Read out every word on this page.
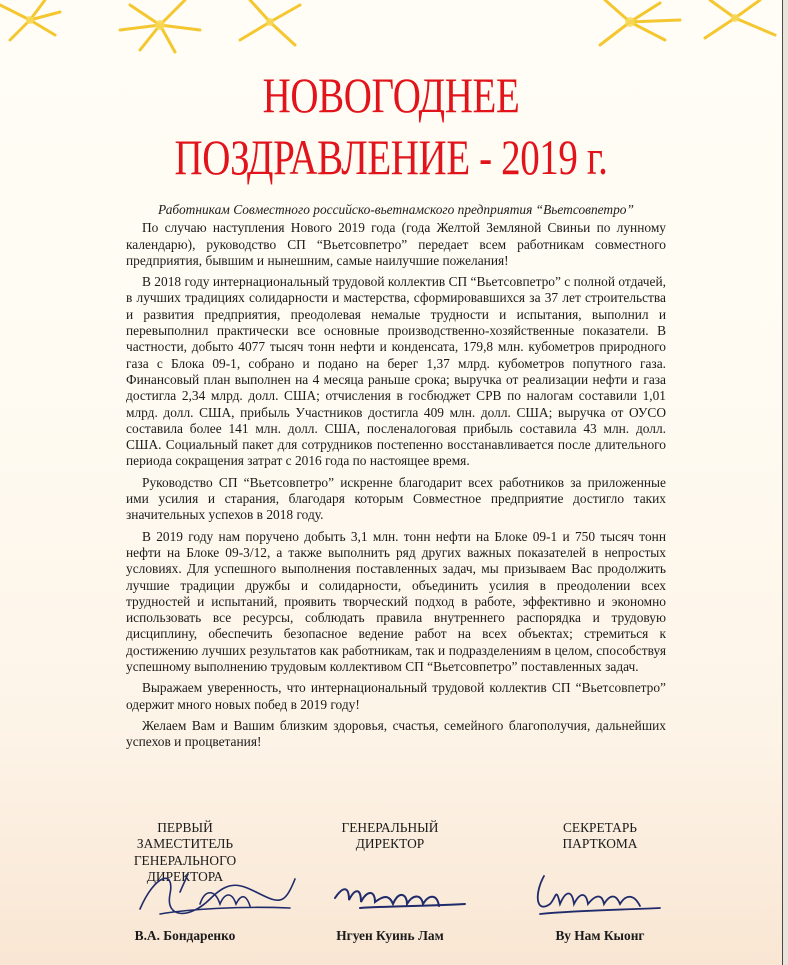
НОВОГОДНЕЕ
ПОЗДРАВЛЕНИЕ - 2019 г.
Работникам Совместного российско-вьетнамского предприятия “Вьетсовпетро”

По случаю наступления Нового 2019 года (года Желтой Земляной Свиньи по лунному календарю), руководство СП “Вьетсовпетро” передает всем работникам совместного предприятия, бывшим и нынешним, самые наилучшие пожелания!

В 2018 году интернациональный трудовой коллектив СП “Вьетсовпетро” с полной отдачей, в лучших традициях солидарности и мастерства, сформировавшихся за 37 лет строительства и развития предприятия, преодолевая немалые трудности и испытания, выполнил и перевыполнил практически все основные производственно-хозяйственные показатели. В частности, добыто 4077 тысяч тонн нефти и конденсата, 179,8 млн. кубометров природного газа с Блока 09-1, собрано и подано на берег 1,37 млрд. кубометров попутного газа. Финансовый план выполнен на 4 месяца раньше срока; выручка от реализации нефти и газа достигла 2,34 млрд. долл. США; отчисления в госбюджет СРВ по налогам составили 1,01 млрд. долл. США, прибыль Участников достигла 409 млн. долл. США; выручка от ОУСО составила более 141 млн. долл. США, посленалоговая прибыль составила 43 млн. долл. США. Социальный пакет для сотрудников постепенно восстанавливается после длительного периода сокращения затрат с 2016 года по настоящее время.

Руководство СП “Вьетсовпетро” искренне благодарит всех работников за приложенные ими усилия и старания, благодаря которым Совместное предприятие достигло таких значительных успехов в 2018 году.

В 2019 году нам поручено добыть 3,1 млн. тонн нефти на Блоке 09-1 и 750 тысяч тонн нефти на Блоке 09-3/12, а также выполнить ряд других важных показателей в непростых условиях. Для успешного выполнения поставленных задач, мы призываем Вас продолжить лучшие традиции дружбы и солидарности, объединить усилия в преодолении всех трудностей и испытаний, проявить творческий подход в работе, эффективно и экономно использовать все ресурсы, соблюдать правила внутреннего распорядка и трудовую дисциплину, обеспечить безопасное ведение работ на всех объектах; стремиться к достижению лучших результатов как работникам, так и подразделениям в целом, способствуя успешному выполнению трудовым коллективом СП “Вьетсовпетро” поставленных задач.

Выражаем уверенность, что интернациональный трудовой коллектив СП “Вьетсовпетро” одержит много новых побед в 2019 году!

Желаем Вам и Вашим близким здоровья, счастья, семейного благополучия, дальнейших успехов и процветания!

ПЕРВЫЙ ЗАМЕСТИТЕЛЬ
ГЕНЕРАЛЬНОГО
ДИРЕКТОРА
В.А. Бондаренко
ГЕНЕРАЛЬНЫЙ
ДИРЕКТОР
Нгуен Куинь Лам
СЕКРЕТАРЬ
ПАРТКОМА
Ву Нам Кыонг
